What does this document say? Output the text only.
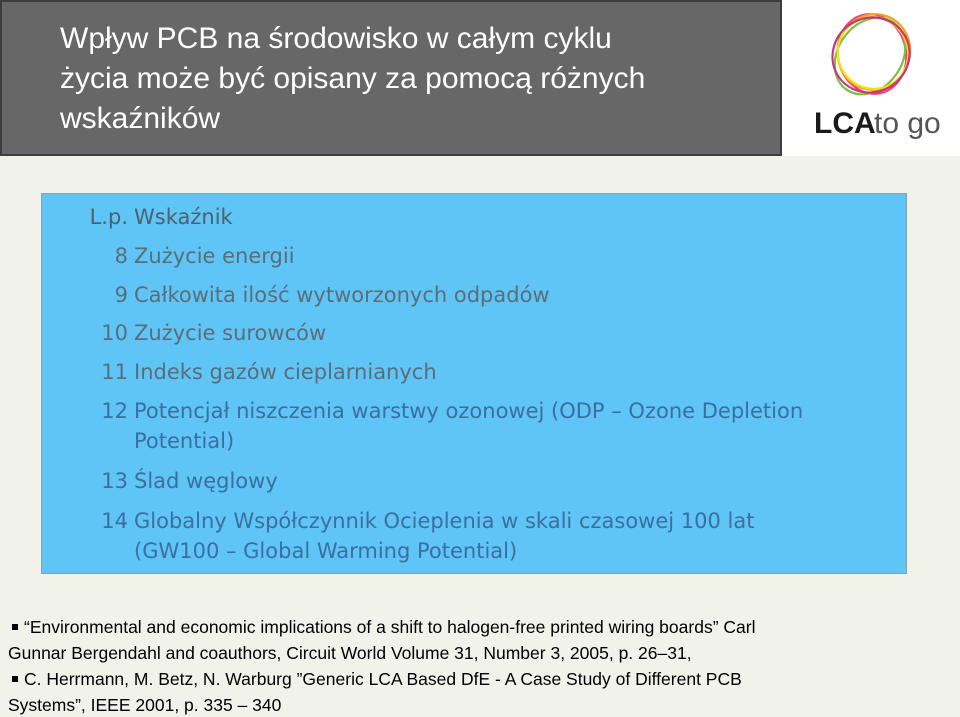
Wpływ PCB na środowisko w całym cyklu
życia może być opisany za pomocą różnych
wskaźników	LCA
to go
L.p. Wskaźnik
8 Zużycie energii
9 Całkowita ilość wytworzonych odpadów
10 Zużycie surowców
11 Indeks gazów cieplarnianych
12 Potencjał niszczenia warstwy ozonowej (ODP – Ozone Depletion
Potential)
13 Ślad węglowy
14 Globalny Współczynnik Ocieplenia w skali czasowej 100 lat
(GW100 – Global Warming Potential)
“Environmental and economic implications of a shift to halogen-free printed wiring boards” Carl
Gunnar Bergendahl and coauthors, Circuit World Volume 31, Number 3, 2005, p. 26–31,
C. Herrmann, M. Betz, N. Warburg ”Generic LCA Based DfE - A Case Study of Different PCB
Systems”, IEEE 2001, p. 335 – 340
